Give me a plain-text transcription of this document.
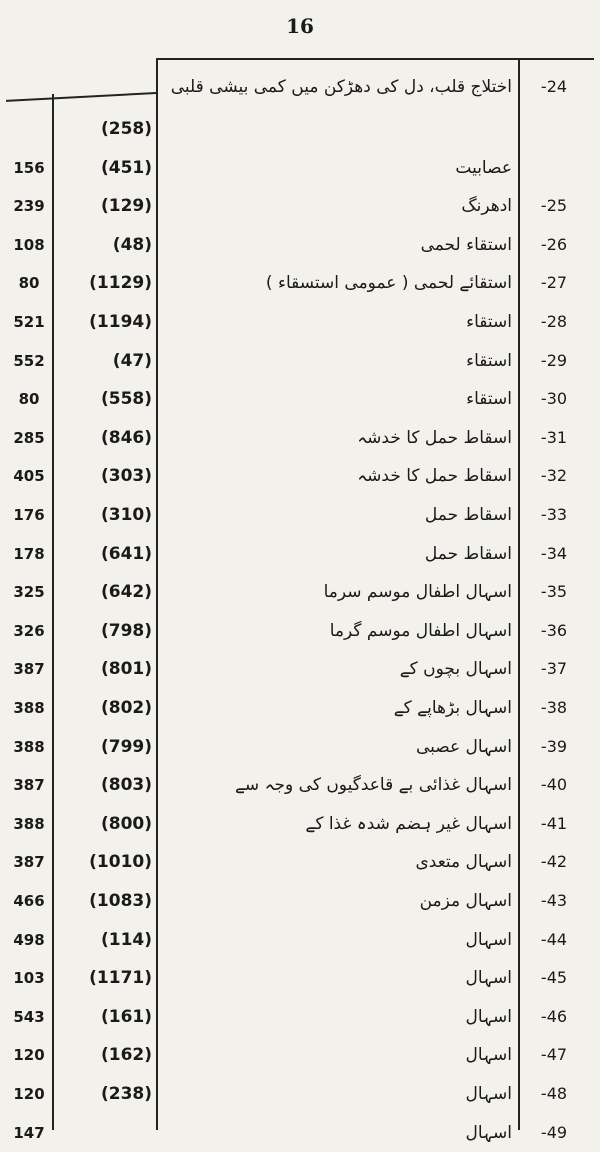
16
-24
اختلاج قلب، دل کی دھڑکن میں کمی بیشی قلبی
(258)
عصابیت
(451)
156
-25
ادھرنگ
(129)
239
-26
استقاء لحمی
(48)
108
-27
استقائے لحمی ( عمومی استسقاء )
(1129)
80
-28
استقاء
(1194)
521
-29
استقاء
(47)
552
-30
استقاء
(558)
80
-31
اسقاط حمل کا خدشہ
(846)
285
-32
اسقاط حمل کا خدشہ
(303)
405
-33
اسقاط حمل
(310)
176
-34
اسقاط حمل
(641)
178
-35
اسہال اطفال موسم سرما
(642)
325
-36
اسہال اطفال موسم گرما
(798)
326
-37
اسہال بچوں کے
(801)
387
-38
اسہال بڑھاپے کے
(802)
388
-39
اسہال عصبی
(799)
388
-40
اسہال غذائی بے قاعدگیوں کی وجہ سے
(803)
387
-41
اسہال غیر ہضم شدہ غذا کے
(800)
388
-42
اسہال متعدی
(1010)
387
-43
اسہال مزمن
(1083)
466
-44
اسہال
(114)
498
-45
اسہال
(1171)
103
-46
اسہال
(161)
543
-47
اسہال
(162)
120
-48
اسہال
(238)
120
-49
اسہال
147
